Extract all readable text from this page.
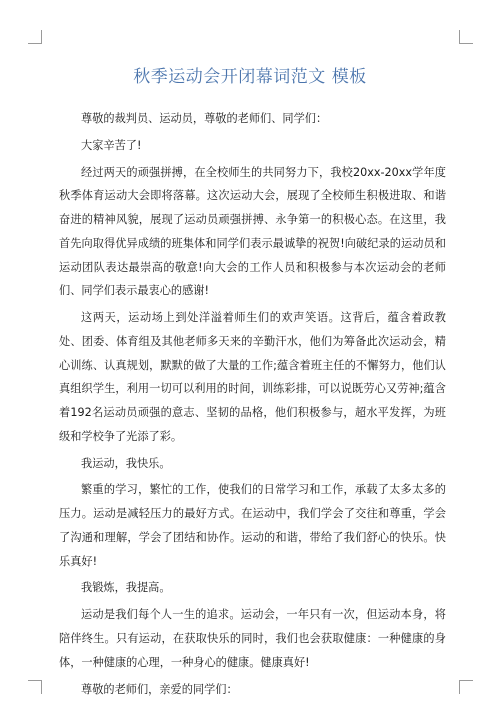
秋季运动会开闭幕词范文 模板

尊敬的裁判员、运动员，尊敬的老师们、同学们：

大家辛苦了!

经过两天的顽强拼搏，在全校师生的共同努力下，我校20xx-20xx学年度秋季体育运动大会即将落幕。这次运动大会，展现了全校师生积极进取、和谐奋进的精神风貌，展现了运动员顽强拼搏、永争第一的积极心态。在这里，我首先向取得优异成绩的班集体和同学们表示最诚挚的祝贺!向破纪录的运动员和运动团队表达最崇高的敬意!向大会的工作人员和积极参与本次运动会的老师们、同学们表示最衷心的感谢!

这两天，运动场上到处洋溢着师生们的欢声笑语。这背后，蕴含着政教处、团委、体育组及其他老师多天来的辛勤汗水，他们为筹备此次运动会，精心训练、认真规划，默默的做了大量的工作;蕴含着班主任的不懈努力，他们认真组织学生，利用一切可以利用的时间，训练彩排，可以说既劳心又劳神;蕴含着192名运动员顽强的意志、坚韧的品格，他们积极参与，超水平发挥，为班级和学校争了光添了彩。

我运动，我快乐。

繁重的学习，繁忙的工作，使我们的日常学习和工作，承载了太多太多的压力。运动是减轻压力的最好方式。在运动中，我们学会了交往和尊重，学会了沟通和理解，学会了团结和协作。运动的和谐，带给了我们舒心的快乐。快乐真好!

我锻炼，我提高。

运动是我们每个人一生的追求。运动会，一年只有一次，但运动本身，将陪伴终生。只有运动，在获取快乐的同时，我们也会获取健康：一种健康的身体，一种健康的心理，一种身心的健康。健康真好!

尊敬的老师们，亲爱的同学们：
